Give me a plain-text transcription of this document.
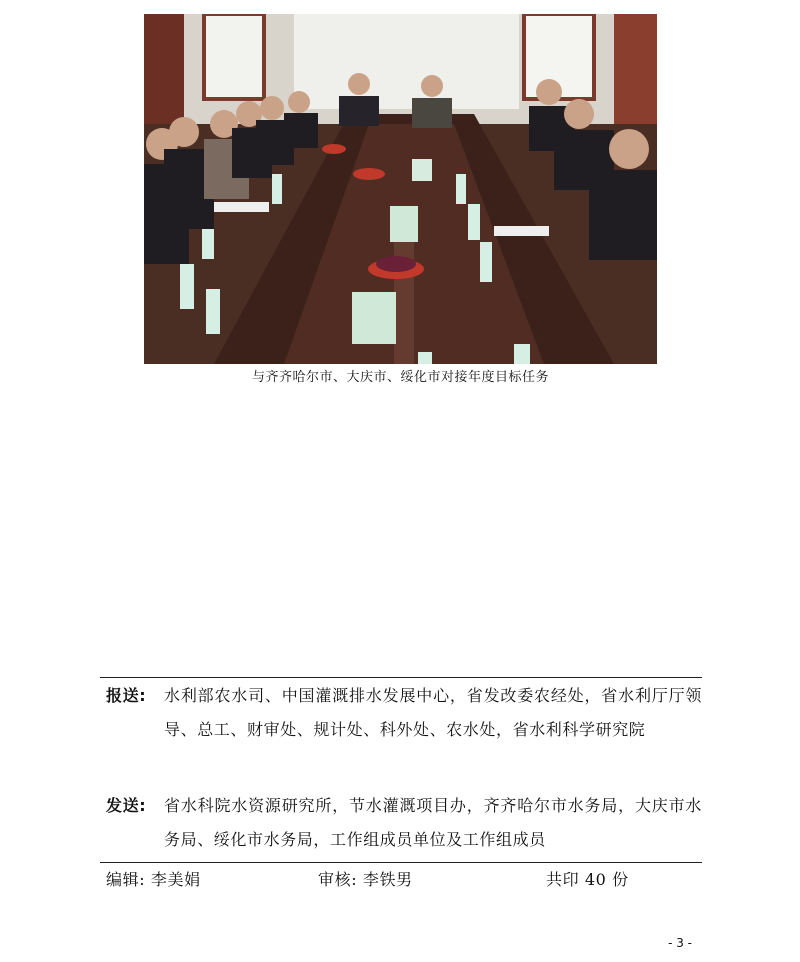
与齐齐哈尔市、大庆市、绥化市对接年度目标任务
报送: 水利部农水司、中国灌溉排水发展中心，省发改委农经处，省水利厅厅领导、总工、财审处、规计处、科外处、农水处，省水利科学研究院
发送: 省水科院水资源研究所，节水灌溉项目办，齐齐哈尔市水务局，大庆市水务局、绥化市水务局，工作组成员单位及工作组成员
编辑: 李美娟	审核: 李铁男	共印 40 份
- 3 -
